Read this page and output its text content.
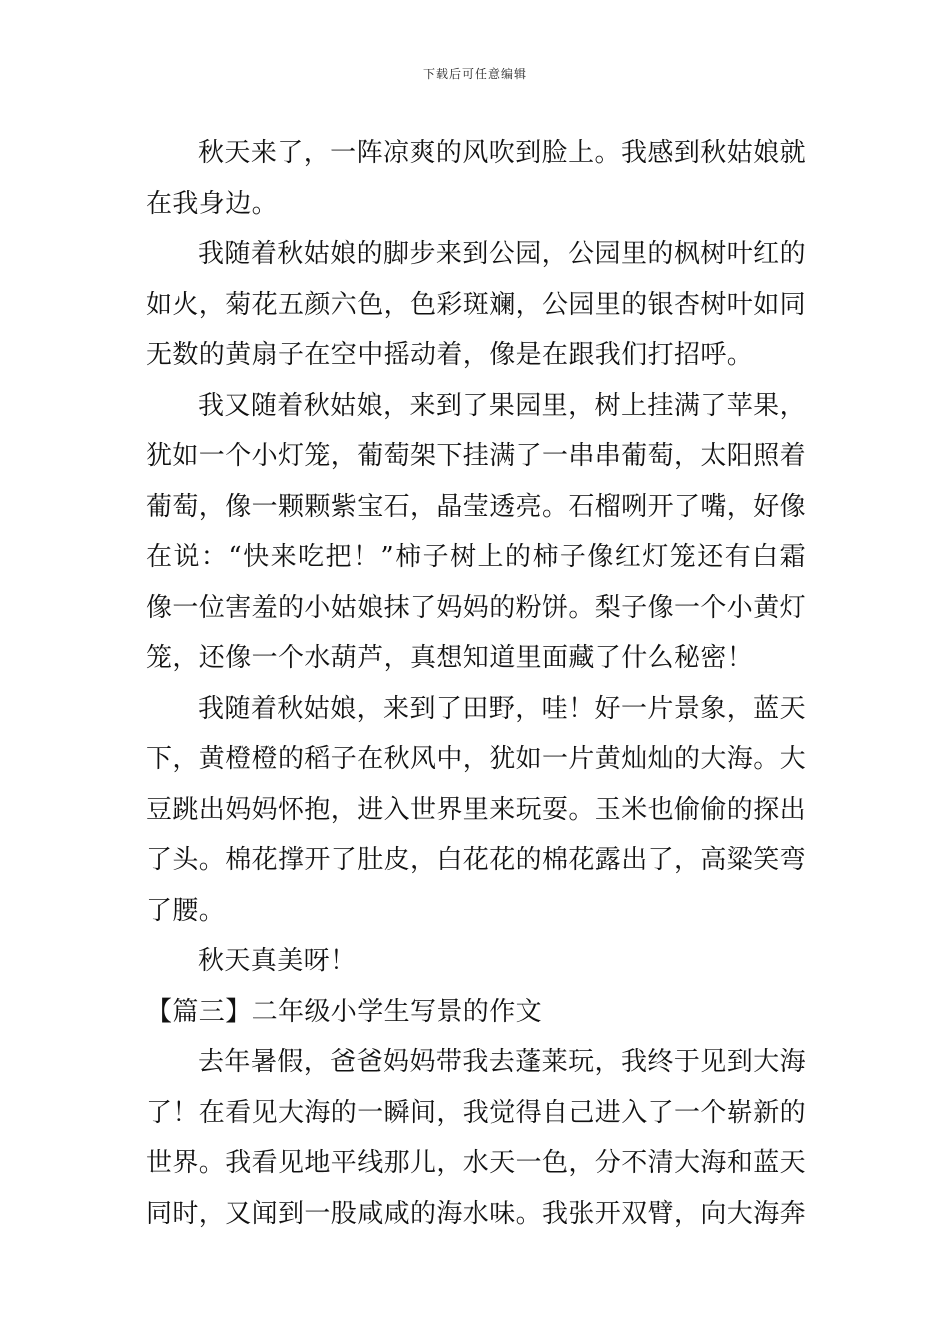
下载后可任意编辑

秋天来了，一阵凉爽的风吹到脸上。我感到秋姑娘就在我身边。

我随着秋姑娘的脚步来到公园，公园里的枫树叶红的如火，菊花五颜六色，色彩斑斓，公园里的银杏树叶如同无数的黄扇子在空中摇动着，像是在跟我们打招呼。

我又随着秋姑娘，来到了果园里，树上挂满了苹果，犹如一个小灯笼，葡萄架下挂满了一串串葡萄，太阳照着葡萄，像一颗颗紫宝石，晶莹透亮。石榴咧开了嘴，好像在说：“快来吃把！”柿子树上的柿子像红灯笼还有白霜像一位害羞的小姑娘抹了妈妈的粉饼。梨子像一个小黄灯笼，还像一个水葫芦，真想知道里面藏了什么秘密！

我随着秋姑娘，来到了田野，哇！好一片景象，蓝天下，黄橙橙的稻子在秋风中，犹如一片黄灿灿的大海。大豆跳出妈妈怀抱，进入世界里来玩耍。玉米也偷偷的探出了头。棉花撑开了肚皮，白花花的棉花露出了，高粱笑弯了腰。

秋天真美呀！

【篇三】二年级小学生写景的作文

去年暑假，爸爸妈妈带我去蓬莱玩，我终于见到大海了！在看见大海的一瞬间，我觉得自己进入了一个崭新的世界。我看见地平线那儿，水天一色，分不清大海和蓝天同时，又闻到一股咸咸的海水味。我张开双臂，向大海奔
